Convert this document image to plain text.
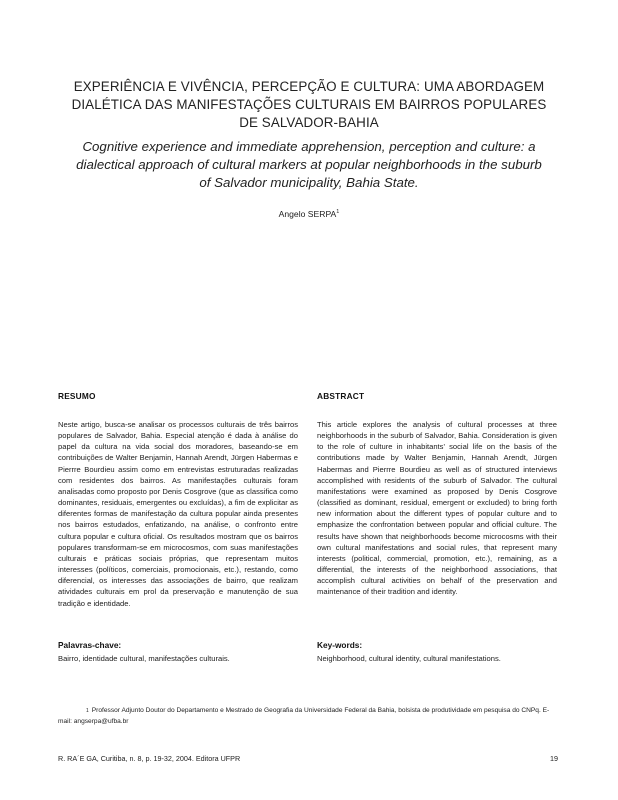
EXPERIÊNCIA E VIVÊNCIA, PERCEPÇÃO E CULTURA: UMA ABORDAGEM
DIALÉTICA DAS MANIFESTAÇÕES CULTURAIS EM BAIRROS POPULARES
DE SALVADOR-BAHIA
Cognitive experience and immediate apprehension, perception and culture: a
dialectical approach of cultural markers at popular neighborhoods in the suburb
of Salvador municipality, Bahia State.
Angelo SERPA$^1$
RESUMO
Neste artigo, busca-se analisar os processos culturais de três bairros populares de Salvador, Bahia. Especial atenção é dada à análise do papel da cultura na vida social dos moradores, baseando-se em contribuições de Walter Benjamin, Hannah Arendt, Jürgen Habermas e Pierrre Bourdieu assim como em entrevistas estruturadas realizadas com residentes dos bairros. As manifestações culturais foram analisadas como proposto por Denis Cosgrove (que as classifica como dominantes, residuais, emergentes ou excluídas), a fim de explicitar as diferentes formas de manifestação da cultura popular ainda presentes nos bairros estudados, enfatizando, na análise, o confronto entre cultura popular e cultura oficial. Os resultados mostram que os bairros populares transformam-se em microcosmos, com suas manifestações culturais e práticas sociais próprias, que representam muitos interesses (políticos, comerciais, promocionais, etc.), restando, como diferencial, os interesses das associações de bairro, que realizam atividades culturais em prol da preservação e manutenção de sua tradição e identidade.
ABSTRACT
This article explores the analysis of cultural processes at three neighborhoods in the suburb of Salvador, Bahia. Consideration is given to the role of culture in inhabitants' social life on the basis of the contributions made by Walter Benjamin, Hannah Arendt, Jürgen Habermas and Pierrre Bourdieu as well as of structured interviews accomplished with residents of the suburb of Salvador. The cultural manifestations were examined as proposed by Denis Cosgrove (classified as dominant, residual, emergent or excluded) to bring forth new information about the different types of popular culture and to emphasize the confrontation between popular and official culture. The results have shown that neighborhoods become microcosms with their own cultural manifestations and social rules, that represent many interests (political, commercial, promotion, etc.), remaining, as a differential, the interests of the neighborhood associations, that accomplish cultural activities on behalf of the preservation and maintenance of their tradition and identity.
Palavras-chave:
Bairro, identidade cultural, manifestações culturais.
Key-words:
Neighborhood, cultural identity, cultural manifestations.
$^1$ Professor Adjunto Doutor do Departamento e Mestrado de Geografia da Universidade Federal da Bahia, bolsista de produtividade em pesquisa do CNPq. E-mail: angserpa@ufba.br
R. RA´E GA, Curitiba, n. 8, p. 19-32, 2004. Editora UFPR	19
